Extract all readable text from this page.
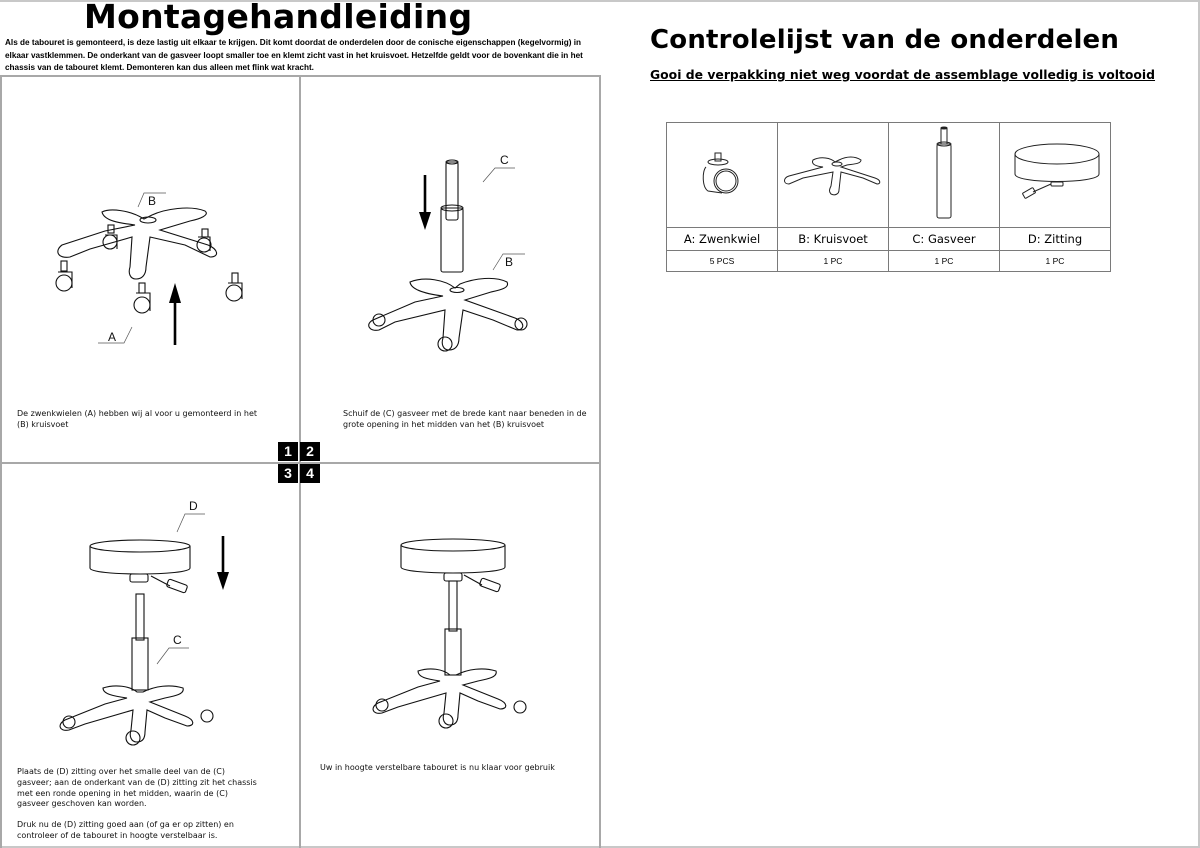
Montagehandleiding
Als de tabouret is gemonteerd, is deze lastig uit elkaar te krijgen. Dit komt doordat de onderdelen door de conische eigenschappen (kegelvormig) in elkaar vastklemmen. De onderkant van de gasveer loopt smaller toe en klemt zicht vast in het kruisvoet. Hetzelfde geldt voor de bovenkant die in het chassis van de tabouret klemt. Demonteren kan dus alleen met flink wat kracht.
B
A

De zwenkwielen (A) hebben wij al voor u gemonteerd in het (B) kruisvoet

C
B

Schuif de (C) gasveer met de brede kant naar beneden in de grote opening in het midden van het (B) kruisvoet

1	2
3	4
D
C

Plaats de (D) zitting over het smalle deel van de (C) gasveer; aan de onderkant van de (D) zitting zit het chassis met een ronde opening in het midden, waarin de (C) gasveer geschoven kan worden.

Druk nu de (D) zitting goed aan (of ga er op zitten) en controleer of de tabouret in hoogte verstelbaar is.

Uw in hoogte verstelbare tabouret is nu klaar voor gebruik

Controlelijst van de onderdelen
Gooi de verpakking niet weg voordat de assemblage volledig is voltooid

A: Zwenkwiel	B: Kruisvoet	C: Gasveer	D: Zitting
5 PCS	1 PC	1 PC	1 PC
